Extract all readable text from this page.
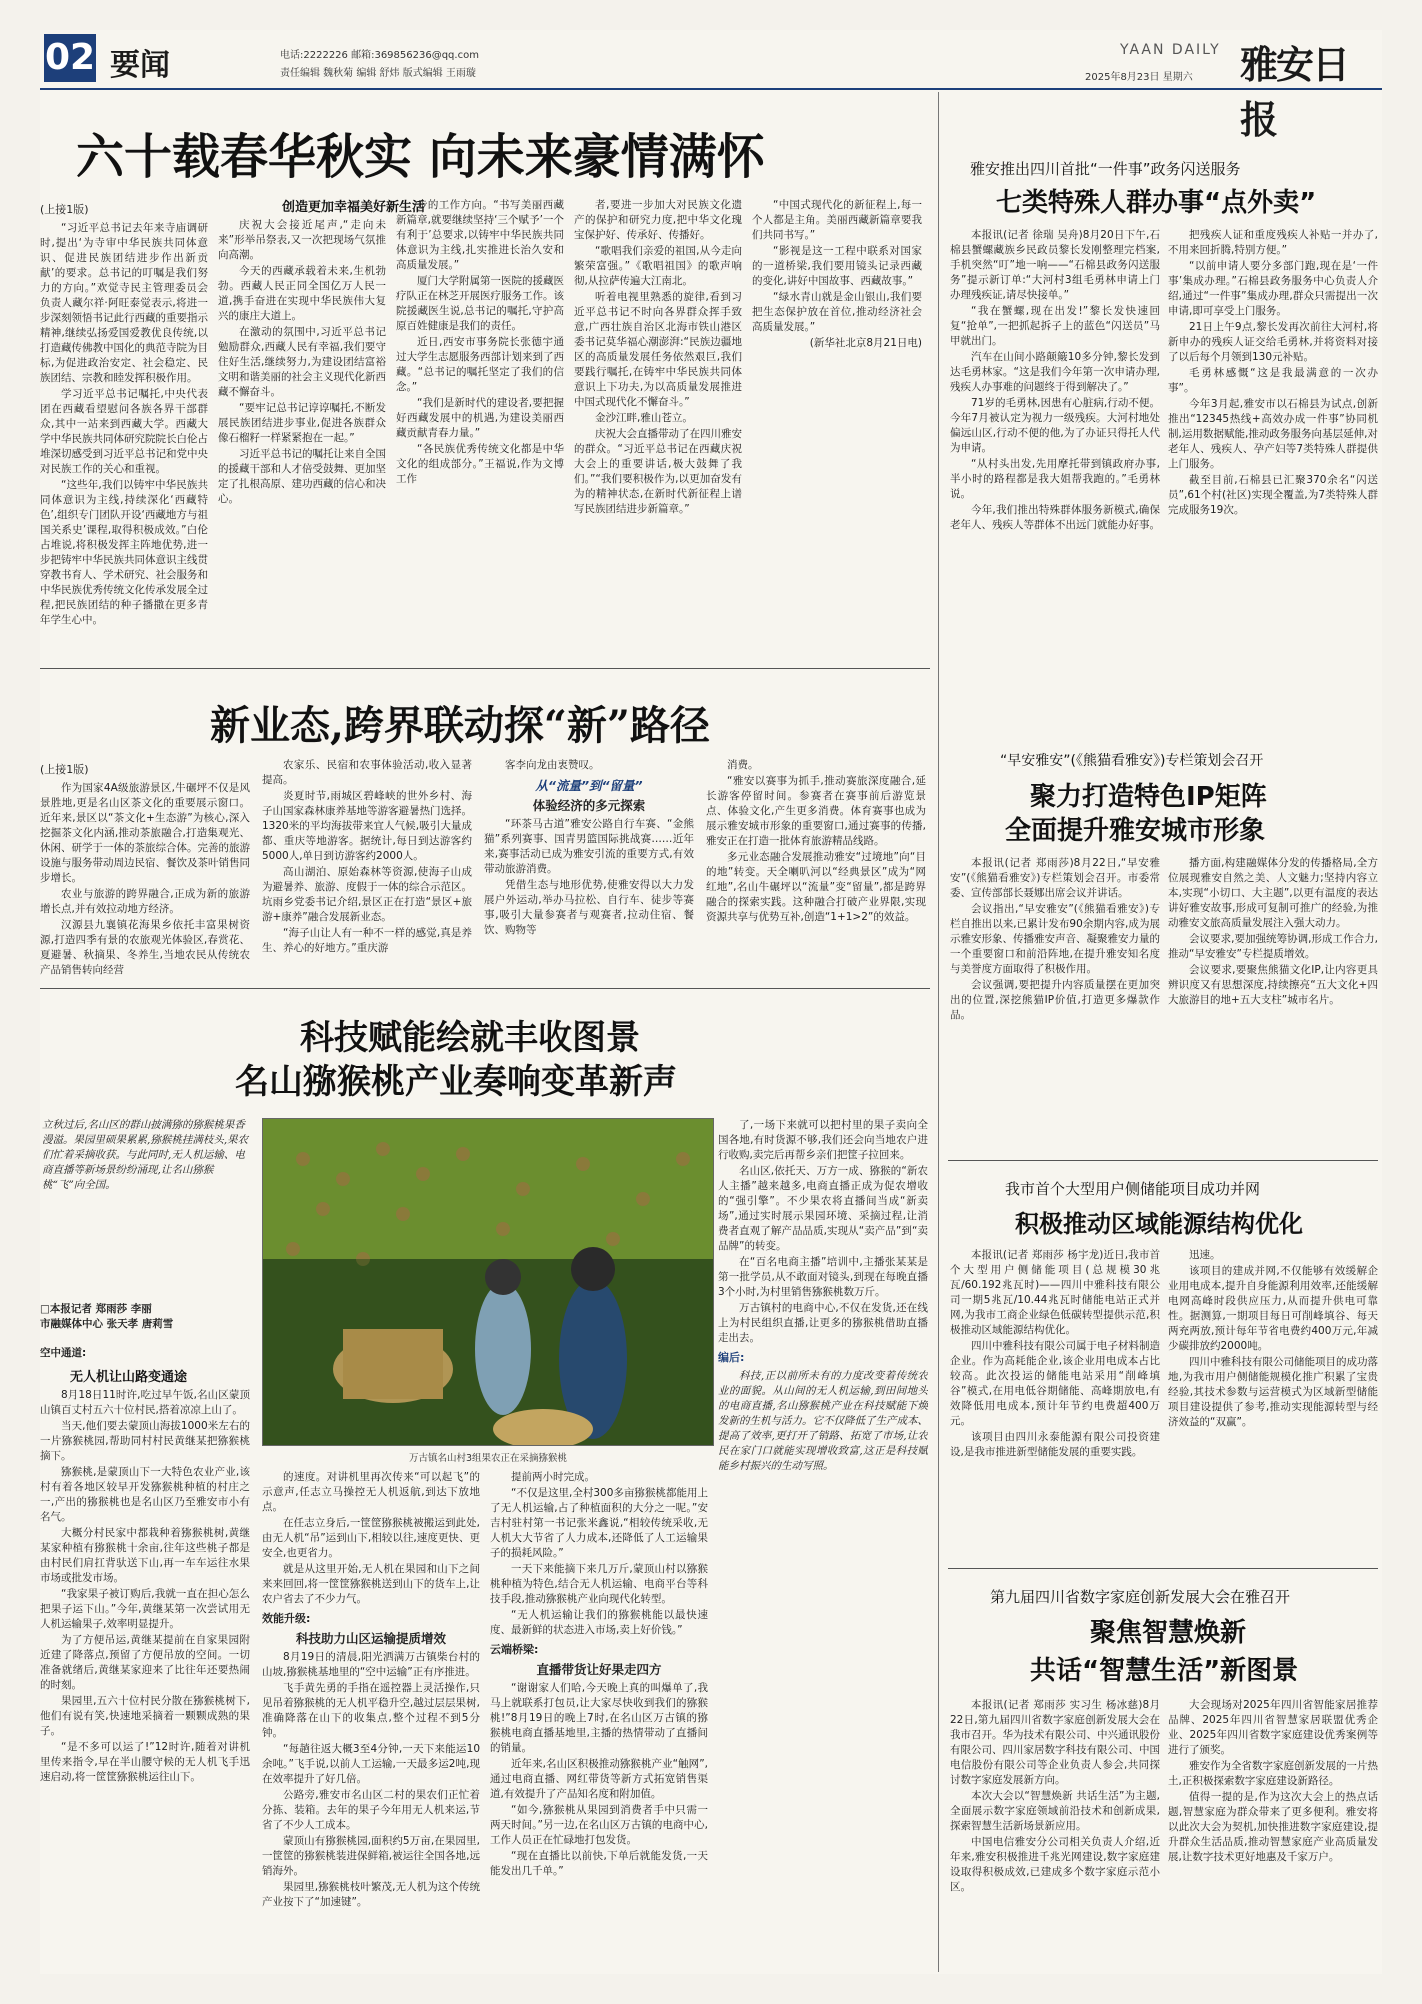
02 要闻	电话:2222226 邮箱:369856236@qq.com
责任编辑 魏秋菊 编辑 舒炜 版式编辑 王雨璇
YAAN DAILY
2025年8月23日 星期六 雅安日报
六十载春华秋实 向未来豪情满怀
创造更加幸福美好新生活

(上接1版)

“习近平总书记去年来寺庙调研时,提出‘为寺审中华民族共同体意识、促进民族团结进步作出新贡献’的要求。总书记的叮嘱是我们努力的方向。”欢觉寺民主管理委员会负责人藏尔祥·阿旺泰觉表示,将进一步深刻领悟书记此行西藏的重要指示精神,继续弘扬爱国爱教优良传统,以打造藏传佛教中国化的典范寺院为目标,为促进政治安定、社会稳定、民族团结、宗教和睦发挥积极作用。

学习近平总书记嘱托,中央代表团在西藏看望慰问各族各界干部群众,其中一站来到西藏大学。西藏大学中华民族共同体研究院院长白伦占堆深切感受到习近平总书记和党中央对民族工作的关心和重视。

“这些年,我们以铸牢中华民族共同体意识为主线,持续深化‘西藏特色’,组织专门团队开设‘西藏地方与祖国关系史’课程,取得积极成效。”白伦占堆说,将积极发挥主阵地优势,进一步把铸牢中华民族共同体意识主线贯穿教书育人、学术研究、社会服务和中华民族优秀传统文化传承发展全过程,把民族团结的种子播撒在更多青年学生心中。

庆祝大会接近尾声,“走向未来”形举吊祭表,又一次把现场气氛推向高潮。

今天的西藏承载着未来,生机勃勃。西藏人民正同全国亿万人民一道,携手奋进在实现中华民族伟大复兴的康庄大道上。

在激动的氛围中,习近平总书记勉励群众,西藏人民有幸福,我们要守住好生活,继续努力,为建设团结富裕文明和谐美丽的社会主义现代化新西藏不懈奋斗。

“要牢记总书记谆谆嘱托,不断发展民族团结进步事业,促进各族群众像石榴籽一样紧紧抱在一起。”

习近平总书记的嘱托让来自全国的援藏干部和人才倍受鼓舞、更加坚定了扎根高原、建功西藏的信心和决心。

步的工作方向。“书写美丽西藏新篇章,就要继续坚持‘三个赋予’一个有利于’总要求,以铸牢中华民族共同体意识为主线,扎实推进长治久安和高质量发展。”

厦门大学附属第一医院的援藏医疗队正在林芝开展医疗服务工作。该院援藏医生说,总书记的嘱托,守护高原百姓健康是我们的责任。

近日,西安市事务院长张德宇通过大学生志愿服务西部计划来到了西藏。“总书记的嘱托坚定了我们的信念。”

“我们是新时代的建设者,要把握好西藏发展中的机遇,为建设美丽西藏贡献青春力量。”

“各民族优秀传统文化都是中华文化的组成部分。”王福说,作为文博工作

者,要进一步加大对民族文化遗产的保护和研究力度,把中华文化瑰宝保护好、传承好、传播好。

“歌唱我们亲爱的祖国,从今走向繁荣富强。”《歌唱祖国》的歌声响彻,从拉萨传遍大江南北。

听着电视里熟悉的旋律,看到习近平总书记不时向各界群众挥手致意,广西壮族自治区北海市铁山港区委书记莫华福心潮澎湃:“民族边疆地区的高质量发展任务依然艰巨,我们要践行嘱托,在铸牢中华民族共同体意识上下功夫,为以高质量发展推进中国式现代化不懈奋斗。”

金沙江畔,雅山苍立。

庆祝大会直播带动了在四川雅安的群众。“习近平总书记在西藏庆祝大会上的重要讲话,极大鼓舞了我们。”“我们要积极作为,以更加奋发有为的精神状态,在新时代新征程上谱写民族团结进步新篇章。”

“中国式现代化的新征程上,每一个人都是主角。美丽西藏新篇章要我们共同书写。”

“影视是这一工程中联系对国家的一道桥梁,我们要用镜头记录西藏的变化,讲好中国故事、西藏故事。”

“绿水青山就是金山银山,我们要把生态保护放在首位,推动经济社会高质量发展。”

(新华社北京8月21日电)

雅安推出四川首批“一件事”政务闪送服务
七类特殊人群办事“点外卖”

本报讯(记者 徐瑞 吴舟)8月20日下午,石棉县蟹螺藏族乡民政员黎长发刚整理完档案,手机突然“叮”地一响——“石棉县政务闪送服务”提示新订单:“大河村3组毛勇林申请上门办理残疾证,请尽快接单。”

“我在蟹螺,现在出发!”黎长发快速回复“抢单”,一把抓起拆子上的蓝色“闪送员”马甲就出门。

汽车在山间小路颠簸10多分钟,黎长发到达毛勇林家。“这是我们今年第一次申请办理,残疾人办事难的问题终于得到解决了。”

71岁的毛勇林,因患有心脏病,行动不便。今年7月被认定为视力一级残疾。大河村地处偏远山区,行动不便的他,为了办证只得托人代为申请。

“从村头出发,先用摩托带到镇政府办事,半小时的路程都是我大姐帮我跑的。”毛勇林说。

今年,我们推出特殊群体服务新模式,确保老年人、残疾人等群体不出远门就能办好事。

把残疾人证和重度残疾人补贴一并办了,不用来回折腾,特别方便。”

“以前申请人要分多部门跑,现在是‘一件事’集成办理。”石棉县政务服务中心负责人介绍,通过“一件事”集成办理,群众只需提出一次申请,即可享受上门服务。

21日上午9点,黎长发再次前往大河村,将新申办的残疾人证交给毛勇林,并将资料对接了以后每个月领到130元补贴。

毛勇林感慨“这是我最满意的一次办事”。

今年3月起,雅安市以石棉县为试点,创新推出“12345热线+高效办成一件事”协同机制,运用数据赋能,推动政务服务向基层延伸,对老年人、残疾人、孕产妇等7类特殊人群提供上门服务。

截至目前,石棉县已汇聚370余名“闪送员”,61个村(社区)实现全覆盖,为7类特殊人群完成服务19次。

新业态,跨界联动探“新”路径

(上接1版)

作为国家4A级旅游景区,牛碾坪不仅是风景胜地,更是名山区茶文化的重要展示窗口。近年来,景区以“茶文化+生态游”为核心,深入挖掘茶文化内涵,推动茶旅融合,打造集观光、休闲、研学于一体的茶旅综合体。完善的旅游设施与服务带动周边民宿、餐饮及茶叶销售同步增长。

农业与旅游的跨界融合,正成为新的旅游增长点,并有效拉动地方经济。

汉源县九襄镇花海果乡依托丰富果树资源,打造四季有景的农旅观光体验区,春赏花、夏避暑、秋摘果、冬养生,当地农民从传统农产品销售转向经营

农家乐、民宿和农事体验活动,收入显著提高。

炎夏时节,雨城区碧峰峡的世外乡村、海子山国家森林康养基地等游客避暑热门选择。1320米的平均海拔带来宜人气候,吸引大量成都、重庆等地游客。据统计,每日到达游客约5000人,单日到访游客约2000人。

高山湖泊、原始森林等资源,使海子山成为避暑养、旅游、度假于一体的综合示范区。坑雨乡党委书记介绍,景区正在打造“景区+旅游+康养”融合发展新业态。

“海子山让人有一种不一样的感觉,真是养生、养心的好地方。”重庆游

客李向龙由衷赞叹。

从“流量”到“留量”

体验经济的多元探索

“环茶马古道”雅安公路自行车赛、“金熊猫”系列赛事、国青男篮国际挑战赛……近年来,赛事活动已成为雅安引流的重要方式,有效带动旅游消费。

凭借生态与地形优势,使雅安得以大力发展户外运动,举办马拉松、自行车、徒步等赛事,吸引大量参赛者与观赛者,拉动住宿、餐饮、购物等

消费。

“雅安以赛事为抓手,推动赛旅深度融合,延长游客停留时间。参赛者在赛事前后游览景点、体验文化,产生更多消费。体育赛事也成为展示雅安城市形象的重要窗口,通过赛事的传播,雅安正在打造一批体育旅游精品线路。

多元业态融合发展推动雅安“过境地”向“目的地”转变。天全喇叭河以“经典景区”成为“网红地”,名山牛碾坪以“流量”变“留量”,都是跨界融合的探索实践。这种融合打破产业界限,实现资源共享与优势互补,创造“1+1>2”的效益。

“早安雅安”(《熊猫看雅安》)专栏策划会召开
聚力打造特色IP矩阵
全面提升雅安城市形象

本报讯(记者 郑雨莎)8月22日,“早安雅安”(《熊猫看雅安》)专栏策划会召开。市委常委、宣传部部长聂娜出席会议并讲话。

会议指出,“早安雅安”(《熊猫看雅安》)专栏自推出以来,已累计发布90余期内容,成为展示雅安形象、传播雅安声音、凝聚雅安力量的一个重要窗口和前沿阵地,在提升雅安知名度与美誉度方面取得了积极作用。

会议强调,要把提升内容质量摆在更加突出的位置,深挖熊猫IP价值,打造更多爆款作品。

播方面,构建融媒体分发的传播格局,全方位展现雅安自然之美、人文魅力;坚持内容立本,实现“小切口、大主题”,以更有温度的表达讲好雅安故事,形成可复制可推广的经验,为推动雅安文旅高质量发展注入强大动力。

会议要求,要加强统筹协调,形成工作合力,推动“早安雅安”专栏提质增效。

会议要求,要聚焦熊猫文化IP,让内容更具辨识度又有思想深度,持续擦亮“五大文化+四大旅游目的地+五大支柱”城市名片。

科技赋能绘就丰收图景
名山猕猴桃产业奏响变革新声
立秋过后,名山区的群山披满猕的猕猴桃果香漫溢。果园里硕果累累,猕猴桃挂满枝头,果农们忙着采摘收获。与此同时,无人机运输、电商直播等新场景纷纷涌现,让名山猕猴桃“飞”向全国。
□本报记者 郑雨莎 李丽
市融媒体中心 张天孝 唐莉雪
空中通道:
无人机让山路变通途
万古镇名山村3组果农正在采摘猕猴桃

8月18日11时许,吃过早午饭,名山区蒙顶山镇百丈村五六十位村民,搭着凉凉上山了。

当天,他们要去蒙顶山海拔1000米左右的一片猕猴桃园,帮助同村村民黄继某把猕猴桃摘下。

猕猴桃,是蒙顶山下一大特色农业产业,该村有着各地区较早开发猕猴桃种植的村庄之一,产出的猕猴桃也是名山区乃至雅安市小有名气。

大概分村民家中都栽种着猕猴桃树,黄继某家种植有猕猴桃十余亩,往年这些桃子都是由村民们肩扛背驮送下山,再一车车运往水果市场或批发市场。

“我家果子被订购后,我就一直在担心怎么把果子运下山。”今年,黄继某第一次尝试用无人机运输果子,效率明显提升。

为了方便吊运,黄继某提前在自家果园附近建了降落点,预留了方便吊放的空间。一切准备就绪后,黄继某家迎来了比往年还要热闹的时刻。

果园里,五六十位村民分散在猕猴桃树下,他们有说有笑,快速地采摘着一颗颗成熟的果子。

“是不多可以运了!”12时许,随着对讲机里传来指令,早在半山腰守候的无人机飞手迅速启动,将一筐筐猕猴桃运往山下。

的速度。对讲机里再次传来“可以起飞”的示意声,任志立马操控无人机返航,到达下放地点。

在任志立身后,一筐筐猕猴桃被搬运到此处,由无人机“吊”运到山下,相较以往,速度更快、更安全,也更省力。

就是从这里开始,无人机在果园和山下之间来来回回,将一筐筐猕猴桃送到山下的货车上,让农户省去了不少力气。

效能升级:

科技助力山区运输提质增效

8月19日的清晨,阳光洒满万古镇柴台村的山坡,猕猴桃基地里的“空中运输”正有序推进。

飞手黄先勇的手指在遥控器上灵活操作,只见吊着猕猴桃的无人机平稳升空,越过层层果树,准确降落在山下的收集点,整个过程不到5分钟。

“每趟往返大概3至4分钟,一天下来能运10余吨。”飞手说,以前人工运输,一天最多运2吨,现在效率提升了好几倍。

公路旁,雅安市名山区二村的果农们正忙着分拣、装箱。去年的果子今年用无人机来运,节省了不少人工成本。

蒙顶山有猕猴桃园,面积约5万亩,在果园里,一筐筐的猕猴桃装进保鲜箱,被运往全国各地,远销海外。

果园里,猕猴桃枝叶繁茂,无人机为这个传统产业按下了“加速键”。

提前两小时完成。

“不仅是这里,全村300多亩猕猴桃都能用上了无人机运输,占了种植面积的大分之一呢。”安吉村驻村第一书记张米鑫说,“相较传统采收,无人机大大节省了人力成本,还降低了人工运输果子的损耗风险。”

一天下来能摘下来几万斤,蒙顶山村以猕猴桃种植为特色,结合无人机运输、电商平台等科技手段,推动猕猴桃产业向现代化转型。

“无人机运输让我们的猕猴桃能以最快速度、最新鲜的状态进入市场,卖上好价钱。”

云端桥梁:

直播带货让好果走四方

“谢谢家人们哈,今天晚上真的叫爆单了,我马上就联系打包员,让大家尽快收到我们的猕猴桃!”8月19日的晚上7时,在名山区万古镇的猕猴桃电商直播基地里,主播的热情带动了直播间的销量。

近年来,名山区积极推动猕猴桃产业“触网”,通过电商直播、网红带货等新方式拓宽销售渠道,有效提升了产品知名度和附加值。

“如今,猕猴桃从果园到消费者手中只需一两天时间。”另一边,在名山区万古镇的电商中心,工作人员正在忙碌地打包发货。

“现在直播比以前快,下单后就能发货,一天能发出几千单。”

了,一场下来就可以把村里的果子卖向全国各地,有时货源不够,我们还会向当地农户进行收购,卖完后再帮乡亲们把筐子拉回来。

名山区,依托天、万方一成、猕猴的“新农人主播”越来越多,电商直播正成为促农增收的“强引擎”。不少果农将直播间当成“新卖场”,通过实时展示果园环境、采摘过程,让消费者直观了解产品品质,实现从“卖产品”到“卖品牌”的转变。

在“百名电商主播”培训中,主播张某某是第一批学员,从不敢面对镜头,到现在每晚直播3个小时,为村里销售猕猴桃数万斤。

万古镇村的电商中心,不仅在发货,还在线上为村民组织直播,让更多的猕猴桃借助直播走出去。

编后:

科技,正以前所未有的力度改变着传统农业的面貌。从山间的无人机运输,到田间地头的电商直播,名山猕猴桃产业在科技赋能下焕发新的生机与活力。它不仅降低了生产成本、提高了效率,更打开了销路、拓宽了市场,让农民在家门口就能实现增收致富,这正是科技赋能乡村振兴的生动写照。

我市首个大型用户侧储能项目成功并网
积极推动区域能源结构优化

本报讯(记者 郑雨莎 杨宇龙)近日,我市首个大型用户侧储能项目(总规模30兆瓦/60.192兆瓦时)——四川中雅科技有限公司一期5兆瓦/10.44兆瓦时储能电站正式并网,为我市工商企业绿色低碳转型提供示范,积极推动区域能源结构优化。

四川中雅科技有限公司属于电子材料制造企业。作为高耗能企业,该企业用电成本占比较高。此次投运的储能电站采用“削峰填谷”模式,在用电低谷期储能、高峰期放电,有效降低用电成本,预计年节约电费超400万元。

该项目由四川永泰能源有限公司投资建设,是我市推进新型储能发展的重要实践。

迅速。

该项目的建成并网,不仅能够有效缓解企业用电成本,提升自身能源利用效率,还能缓解电网高峰时段供应压力,从而提升供电可靠性。据测算,一期项目每日可削峰填谷、每天两充两放,预计每年节省电费约400万元,年减少碳排放约2000吨。

四川中雅科技有限公司储能项目的成功落地,为我市用户侧储能规模化推广积累了宝贵经验,其技术参数与运营模式为区域新型储能项目建设提供了参考,推动实现能源转型与经济效益的“双赢”。

第九届四川省数字家庭创新发展大会在雅召开
聚焦智慧焕新
共话“智慧生活”新图景

本报讯(记者 郑雨莎 实习生 杨冰慈)8月22日,第九届四川省数字家庭创新发展大会在我市召开。华为技术有限公司、中兴通讯股份有限公司、四川家居数字科技有限公司、中国电信股份有限公司等企业负责人参会,共同探讨数字家庭发展新方向。

本次大会以“智慧焕新 共话生活”为主题,全面展示数字家庭领域前沿技术和创新成果,探索智慧生活新场景新应用。

中国电信雅安分公司相关负责人介绍,近年来,雅安积极推进千兆光网建设,数字家庭建设取得积极成效,已建成多个数字家庭示范小区。

大会现场对2025年四川省智能家居推荐品牌、2025年四川省智慧家居联盟优秀企业、2025年四川省数字家庭建设优秀案例等进行了颁奖。

雅安作为全省数字家庭创新发展的一片热土,正积极探索数字家庭建设新路径。

值得一提的是,作为这次大会上的热点话题,智慧家庭为群众带来了更多便利。雅安将以此次大会为契机,加快推进数字家庭建设,提升群众生活品质,推动智慧家庭产业高质量发展,让数字技术更好地惠及千家万户。
